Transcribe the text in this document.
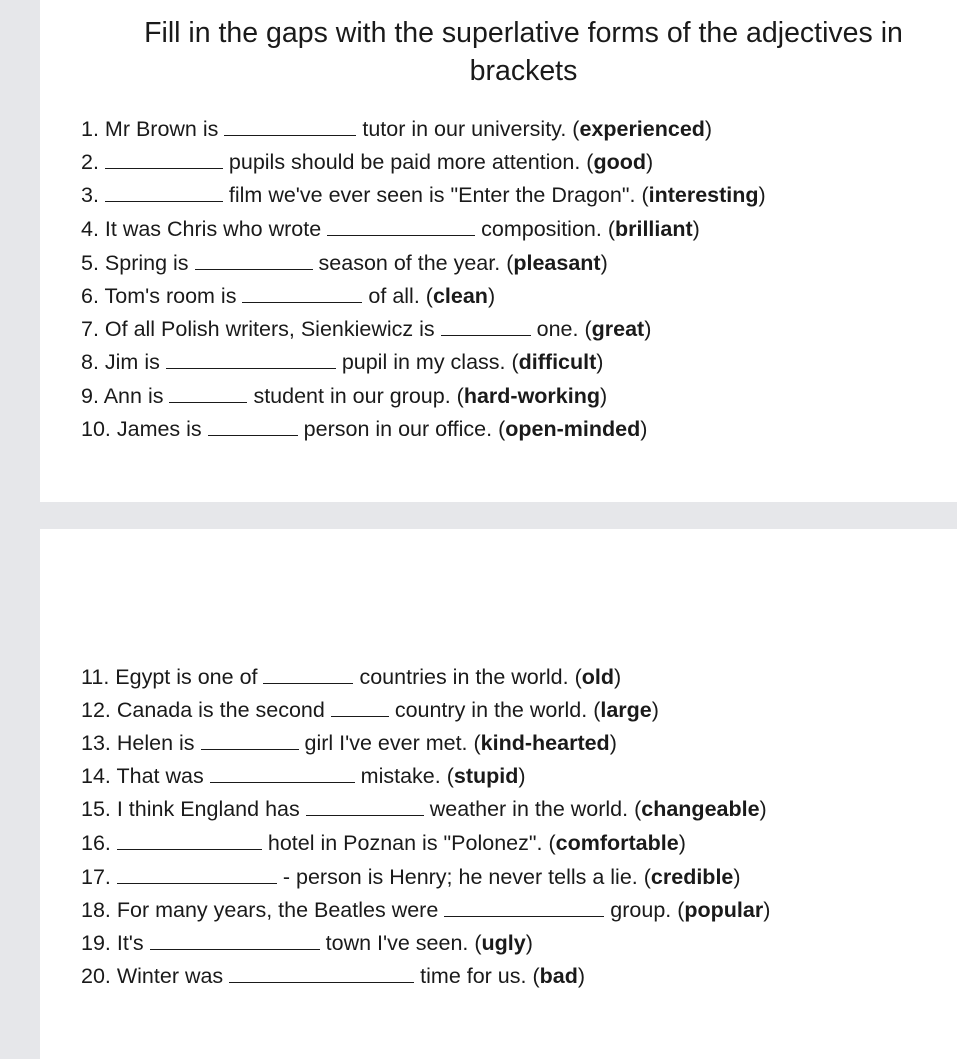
Fill in the gaps with the superlative forms of the adjectives in brackets
1. Mr Brown is	tutor in our university. (experienced)
2.	pupils should be paid more attention. (good)
3.	film we've ever seen is "Enter the Dragon". (interesting)
4. It was Chris who wrote	composition. (brilliant)
5. Spring is	season of the year. (pleasant)
6. Tom's room is	of all. (clean)
7. Of all Polish writers, Sienkiewicz is	one. (great)
8. Jim is	pupil in my class. (difficult)
9. Ann is	student in our group. (hard-working)
10. James is	person in our office. (open-minded)
11. Egypt is one of	countries in the world. (old)
12. Canada is the second	country in the world. (large)
13. Helen is	girl I've ever met. (kind-hearted)
14. That was	mistake. (stupid)
15. I think England has	weather in the world. (changeable)
16.	hotel in Poznan is "Polonez". (comfortable)
17.	- person is Henry; he never tells a lie. (credible)
18. For many years, the Beatles were	group. (popular)
19. It's	town I've seen. (ugly)
20. Winter was	time for us. (bad)
